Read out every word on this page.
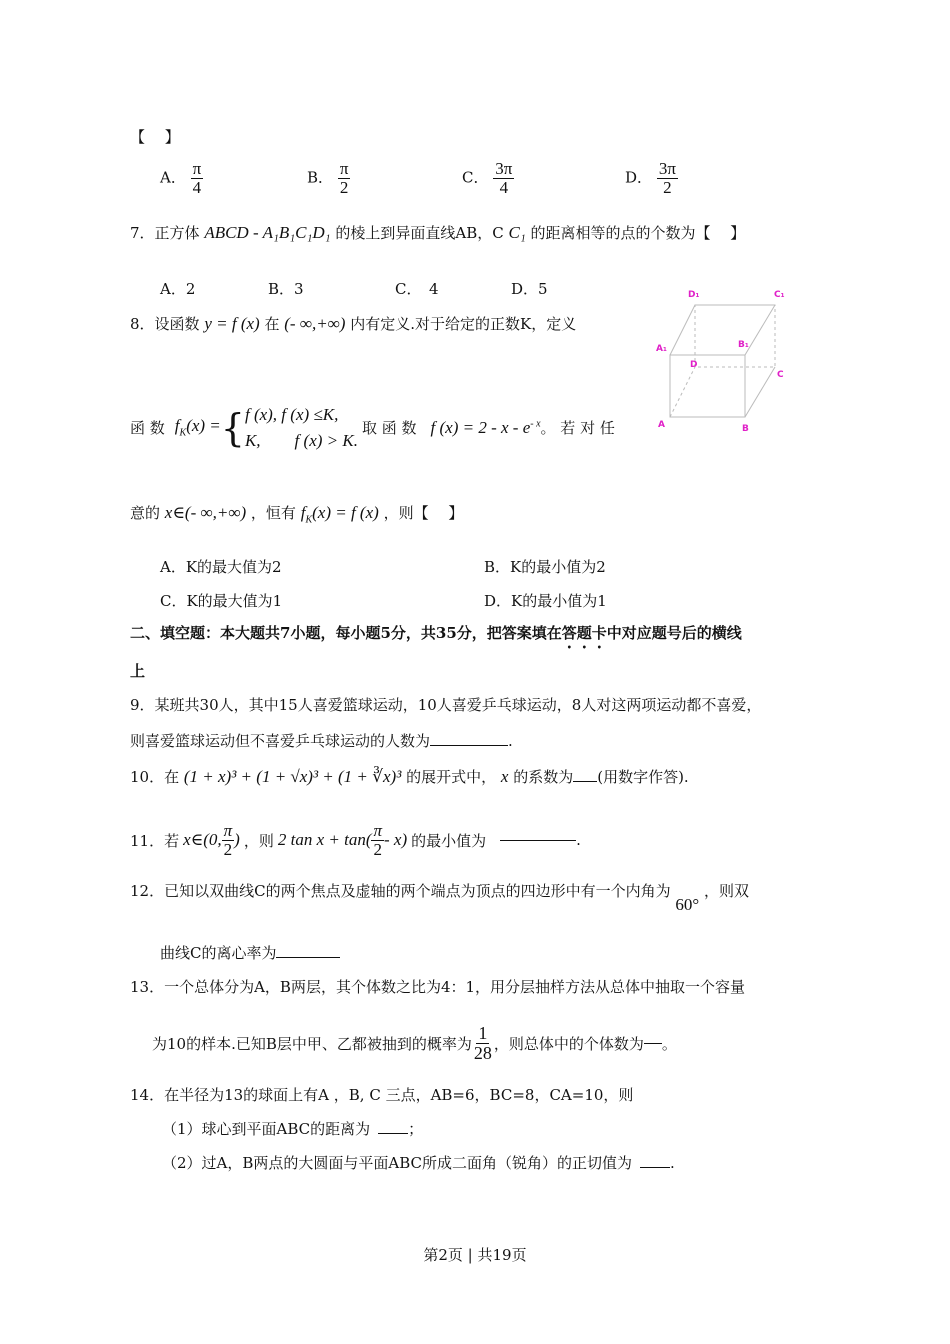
【　 】
A． $\frac{\pi}{4}$	B． $\frac{\pi}{2}$	C． $\frac{3\pi}{4}$	D． $\frac{3\pi}{2}$
7．正方体 ABCD - A₁B₁C₁D₁ 的棱上到异面直线AB，C C₁ 的距离相等的点的个数为【　 】
A．2	B．3	C．　4	D．5
8．设函数 y = f (x) 在 (- ∞,+∞) 内有定义.对于给定的正数K，定义
函 数 $f_K(x)$ = { f (x), f (x) ≤K,
K,　　f (x) > K.
取 函 数 f $(x) = 2 - x - e^{- x}$ 。 若 对 任
意的 x∈(- ∞,+∞) ，恒有 $f_K(x) = f$ (x) ，则【　 】
A．K的最大值为2	B．K的最小值为2
C．K的最大值为1	D．K的最小值为1
D₁	C₁
A₁	B₁
D
C
A	B
二、填空题：本大题共7小题，每小题5分，共35分，把答案填在答题卡中对应题号后的横线
上
9．某班共30人，其中15人喜爱篮球运动，10人喜爱乒乓球运动，8人对这两项运动都不喜爱，
则喜爱篮球运动但不喜爱乒乓球运动的人数为	.
10．在 (1 + x)³ + (1 + √x)³ + (1 + ∛x)³ 的展开式中， x 的系数为 (用数字作答).
11．若 x∈(0, $\frac{\pi}{2}$ ) ，则 2 $\tan x + \tan( \frac{\pi}{2} - x)$ 的最小值为	.
12．已知以双曲线C的两个焦点及虚轴的两个端点为顶点的四边形中有一个内角为 60° ，则双
曲线C的离心率为
13．一个总体分为A，B两层，其个体数之比为4：1，用分层抽样方法从总体中抽取一个容量
为10的样本.已知B层中甲、乙都被抽到的概率为 $\frac{1}{28}$ ，则总体中的个体数为 。
14．在半径为13的球面上有A ，B, C 三点，AB=6，BC=8，CA=10，则
（1）球心到平面ABC的距离为	；
（2）过A，B两点的大圆面与平面ABC所成二面角（锐角）的正切值为	.
第2页 | 共19页
